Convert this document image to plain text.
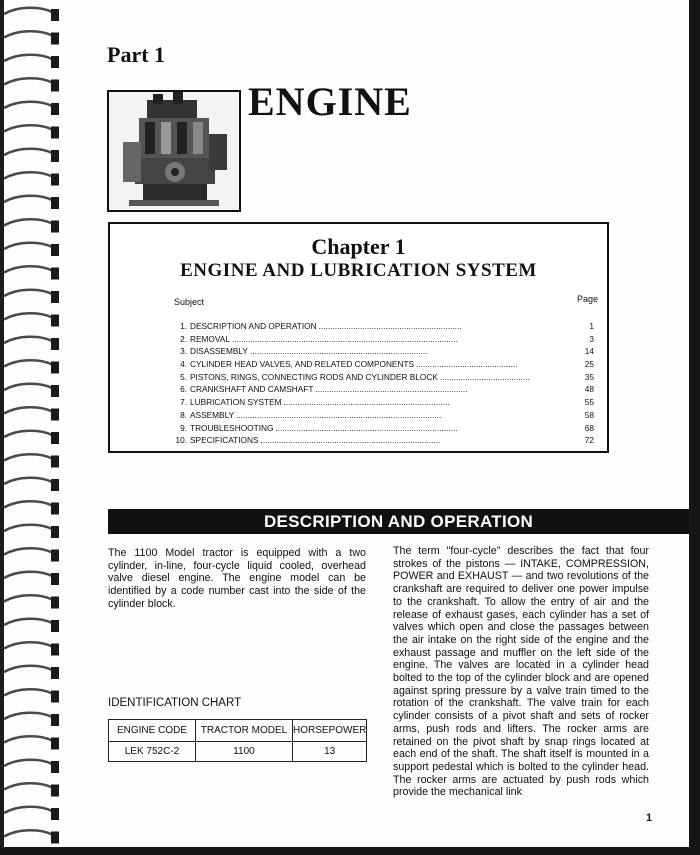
Part 1
ENGINE
Chapter 1
ENGINE AND LUBRICATION SYSTEM
Subject	Page
1. DESCRIPTION AND OPERATION ..............................................................	1
2. REMOVAL ..................................................................................................	3
3. DISASSEMBLY .............................................................................	14
4. CYLINDER HEAD VALVES, AND RELATED COMPONENTS ............................................	25
5. PISTONS, RINGS, CONNECTING RODS AND CYLINDER BLOCK .......................................	35
6. CRANKSHAFT AND CAMSHAFT ..................................................................	48
7. LUBRICATION SYSTEM ........................................................................	55
8. ASSEMBLY .........................................................................................	58
9. TROUBLESHOOTING ...............................................................................	68
10. SPECIFICATIONS ..............................................................................	72
DESCRIPTION AND OPERATION

The 1100 Model tractor is equipped with a two cylinder, in-line, four-cycle liquid cooled, overhead valve diesel engine. The engine model can be identified by a code number cast into the side of the cylinder block.

The term "four-cycle" describes the fact that four strokes of the pistons — INTAKE, COMPRESSION, POWER and EXHAUST — and two revolutions of the crankshaft are required to deliver one power impulse to the crankshaft. To allow the entry of air and the release of exhaust gases, each cylinder has a set of valves which open and close the passages between the air intake on the right side of the engine and the exhaust passage and muffler on the left side of the engine. The valves are located in a cylinder head bolted to the top of the cylinder block and are opened against spring pressure by a valve train timed to the rotation of the crankshaft. The valve train for each cylinder consists of a pivot shaft and sets of rocker arms, push rods and lifters. The rocker arms are retained on the pivot shaft by snap rings located at each end of the shaft. The shaft itself is mounted in a support pedestal which is bolted to the cylinder head. The rocker arms are actuated by push rods which provide the mechanical link

IDENTIFICATION CHART
ENGINE CODE	TRACTOR MODEL	HORSEPOWER
LEK 752C-2	1100	13
1
